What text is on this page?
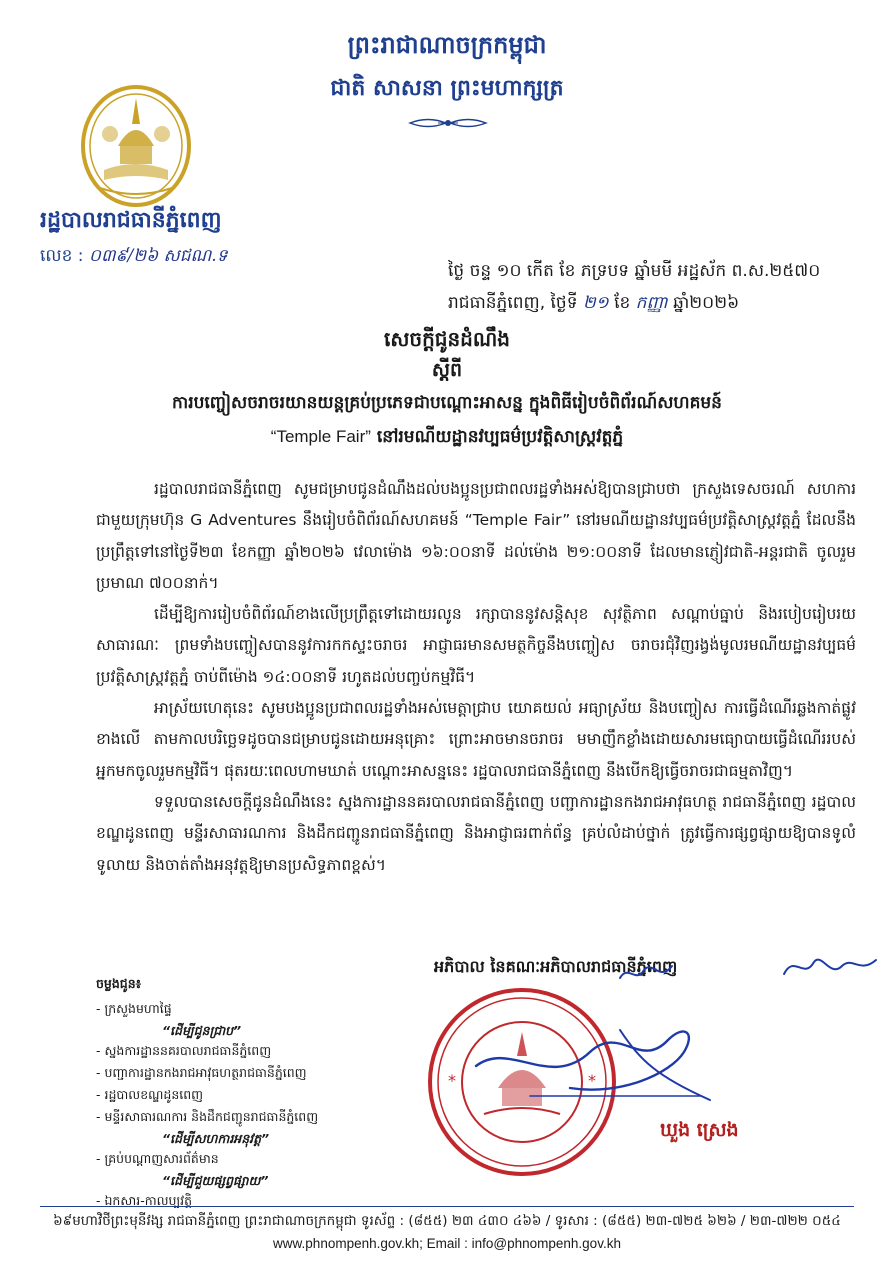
ព្រះរាជាណាចក្រកម្ពុជា
ជាតិ សាសនា ព្រះមហាក្សត្រ
រដ្ឋបាលរាជធានីភ្នំពេញ
លេខ : ០៣៩/២៦ សជណ.ទ
ថ្ងៃ ចន្ទ ១០ កើត ខែ ភទ្របទ ឆ្នាំមមី អដ្ឋស័ក ព.ស.២៥៧០
រាជធានីភ្នំពេញ, ថ្ងៃទី ២១ ខែ កញ្ញា ឆ្នាំ២០២៦
សេចក្តីជូនដំណឹង
ស្តីពី
ការបញ្ចៀសចរាចរយានយន្តគ្រប់ប្រភេទជាបណ្តោះអាសន្ន ក្នុងពិធីរៀបចំពិព័រណ៍សហគមន៍
“Temple Fair” នៅរមណីយដ្ឋានវប្បធម៌ប្រវត្តិសាស្ត្រវត្តភ្នំ

រដ្ឋបាលរាជធានីភ្នំពេញ សូមជម្រាបជូនដំណឹងដល់បងប្អូនប្រជាពលរដ្ឋទាំងអស់ឱ្យបានជ្រាបថា ក្រសួងទេសចរណ៍ សហការជាមួយក្រុមហ៊ុន G Adventures នឹងរៀបចំពិព័រណ៍សហគមន៍ “Temple Fair” នៅរមណីយដ្ឋានវប្បធម៌ប្រវត្តិសាស្ត្រវត្តភ្នំ ដែលនឹងប្រព្រឹត្តទៅនៅថ្ងៃទី២៣ ខែកញ្ញា ឆ្នាំ២០២៦ វេលាម៉ោង ១៦:០០នាទី ដល់ម៉ោង ២១:០០នាទី ដែលមានភ្ញៀវជាតិ-អន្តរជាតិ ចូលរួមប្រមាណ ៧០០នាក់។

ដើម្បីឱ្យការរៀបចំពិព័រណ៍ខាងលើប្រព្រឹត្តទៅដោយរលូន រក្សាបាននូវសន្តិសុខ សុវត្ថិភាព សណ្តាប់ធ្នាប់ និងរបៀបរៀបរយសាធារណៈ ព្រមទាំងបញ្ចៀសបាននូវការកកស្ទះចរាចរ អាជ្ញាធរមានសមត្ថកិច្ចនឹងបញ្ចៀស ចរាចរជុំវិញរង្វង់មូលរមណីយដ្ឋានវប្បធម៌ប្រវត្តិសាស្ត្រវត្តភ្នំ ចាប់ពីម៉ោង ១៤:០០នាទី រហូតដល់បញ្ចប់កម្មវិធី។

អាស្រ័យហេតុនេះ សូមបងប្អូនប្រជាពលរដ្ឋទាំងអស់មេត្តាជ្រាប យោគយល់ អធ្យាស្រ័យ និងបញ្ចៀស ការធ្វើដំណើរឆ្លងកាត់ផ្លូវខាងលើ តាមកាលបរិច្ឆេទដូចបានជម្រាបជូនដោយអនុគ្រោះ ព្រោះអាចមានចរាចរ មមាញឹកខ្លាំងដោយសារមធ្យោបាយធ្វើដំណើររបស់អ្នកមកចូលរួមកម្មវិធី។ ផុតរយៈពេលហាមឃាត់ បណ្តោះអាសន្ននេះ រដ្ឋបាលរាជធានីភ្នំពេញ នឹងបើកឱ្យធ្វើចរាចរជាធម្មតាវិញ។

ទទួលបានសេចក្តីជូនដំណឹងនេះ ស្នងការដ្ឋាននគរបាលរាជធានីភ្នំពេញ បញ្ជាការដ្ឋានកងរាជអាវុធហត្ថ រាជធានីភ្នំពេញ រដ្ឋបាលខណ្ឌដូនពេញ មន្ទីរសាធារណការ និងដឹកជញ្ជូនរាជធានីភ្នំពេញ និងអាជ្ញាធរពាក់ព័ន្ធ គ្រប់លំដាប់ថ្នាក់ ត្រូវធ្វើការផ្សព្វផ្សាយឱ្យបានទូលំទូលាយ និងចាត់តាំងអនុវត្តឱ្យមានប្រសិទ្ធភាពខ្ពស់។

អភិបាល នៃគណៈអភិបាលរាជធានីភ្នំពេញ
*	*
ឃួង ស្រេង
ចម្លងជូន៖
- ក្រសួងមហាផ្ទៃ
“ដើម្បីជូនជ្រាប”
- ស្នងការដ្ឋាននគរបាលរាជធានីភ្នំពេញ
- បញ្ជាការដ្ឋានកងរាជអាវុធហត្ថរាជធានីភ្នំពេញ
- រដ្ឋបាលខណ្ឌដូនពេញ
- មន្ទីរសាធារណការ និងដឹកជញ្ជូនរាជធានីភ្នំពេញ
“ដើម្បីសហការអនុវត្ត”
- គ្រប់បណ្តាញសារព័ត៌មាន
“ដើម្បីជួយផ្សព្វផ្សាយ”
- ឯកសារ-កាលប្បវត្តិ
៦៩មហាវិថីព្រះមុនីវង្ស រាជធានីភ្នំពេញ ព្រះរាជាណាចក្រកម្ពុជា ទូរស័ព្ទ : (៨៥៥) ២៣ ៤៣០ ៤៦៦ / ទូរសារ : (៨៥៥) ២៣-៧២៥ ៦២៦ / ២៣-៧២២ ០៥៤
www.phnompenh.gov.kh; Email : info@phnompenh.gov.kh
